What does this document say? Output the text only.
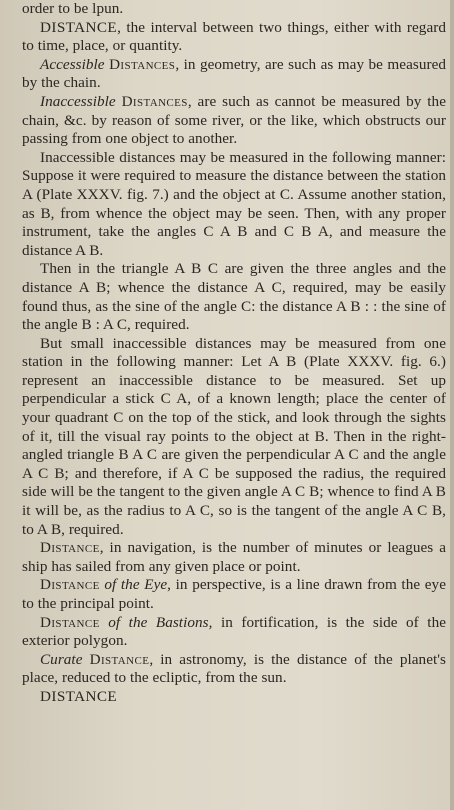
order to be lpun.

DISTANCE, the interval between two things, either with regard to time, place, or quantity.

Accessible Distances, in geometry, are such as may be measured by the chain.

Inaccessible Distances, are such as cannot be measured by the chain, &c. by reason of some river, or the like, which obstructs our passing from one object to another.

Inaccessible distances may be measured in the following manner: Suppose it were required to measure the distance between the station A (Plate XXXV. fig. 7.) and the object at C. Assume another station, as B, from whence the object may be seen. Then, with any proper instrument, take the angles C A B and C B A, and measure the distance A B.

Then in the triangle A B C are given the three angles and the distance A B; whence the distance A C, required, may be easily found thus, as the sine of the angle C: the distance A B : : the sine of the angle B : A C, required.

But small inaccessible distances may be measured from one station in the following manner: Let A B (Plate XXXV. fig. 6.) represent an inaccessible distance to be measured. Set up perpendicular a stick C A, of a known length; place the center of your quadrant C on the top of the stick, and look through the sights of it, till the visual ray points to the object at B. Then in the right-angled triangle B A C are given the perpendicular A C and the angle A C B; and therefore, if A C be supposed the radius, the required side will be the tangent to the given angle A C B; whence to find A B it will be, as the radius to A C, so is the tangent of the angle A C B, to A B, required.

Distance, in navigation, is the number of minutes or leagues a ship has sailed from any given place or point.

Distance of the Eye, in perspective, is a line drawn from the eye to the principal point.

Distance of the Bastions, in fortification, is the side of the exterior polygon.

Curate Distance, in astronomy, is the distance of the planet's place, reduced to the ecliptic, from the sun.

DISTANCE
